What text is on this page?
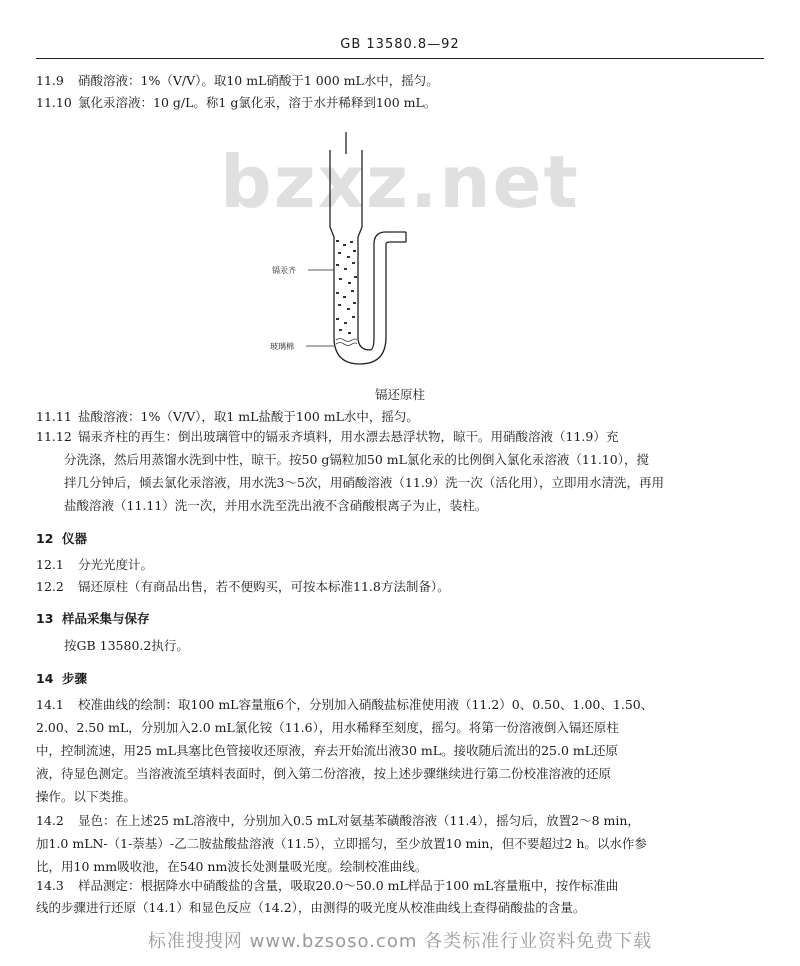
GB 13580.8—92
11.9 硝酸溶液：1%（V/V）。取10 mL硝酸于1 000 mL水中，摇匀。
11.10 氯化汞溶液：10 g/L。称1 g氯化汞，溶于水并稀释到100 mL。
bzxz.net
镉汞齐
玻璃棉
镉还原柱
11.11 盐酸溶液：1%（V/V），取1 mL盐酸于100 mL水中，摇匀。
11.12 镉汞齐柱的再生：倒出玻璃管中的镉汞齐填料，用水漂去悬浮状物，晾干。用硝酸溶液（11.9）充
分洗涤，然后用蒸馏水洗到中性，晾干。按50 g镉粒加50 mL氯化汞的比例倒入氯化汞溶液（11.10），搅
拌几分钟后，倾去氯化汞溶液，用水洗3～5次，用硝酸溶液（11.9）洗一次（活化用），立即用水清洗，再用
盐酸溶液（11.11）洗一次，并用水洗至洗出液不含硝酸根离子为止，装柱。
12 仪器
12.1 分光光度计。
12.2 镉还原柱（有商品出售，若不便购买，可按本标准11.8方法制备）。
13 样品采集与保存
按GB 13580.2执行。
14 步骤
14.1 校准曲线的绘制：取100 mL容量瓶6个，分别加入硝酸盐标准使用液（11.2）0、0.50、1.00、1.50、
2.00、2.50 mL，分别加入2.0 mL氯化铵（11.6），用水稀释至刻度，摇匀。将第一份溶液倒入镉还原柱
中，控制流速，用25 mL具塞比色管接收还原液，弃去开始流出液30 mL。接收随后流出的25.0 mL还原
液，待显色测定。当溶液流至填料表面时，倒入第二份溶液，按上述步骤继续进行第二份校准溶液的还原
操作。以下类推。
14.2 显色：在上述25 mL溶液中，分别加入0.5 mL对氨基苯磺酸溶液（11.4），摇匀后，放置2～8 min，
加1.0 mLN-（1-萘基）-乙二胺盐酸盐溶液（11.5），立即摇匀，至少放置10 min，但不要超过2 h。以水作参
比，用10 mm吸收池，在540 nm波长处测量吸光度。绘制校准曲线。
14.3 样品测定：根据降水中硝酸盐的含量，吸取20.0～50.0 mL样品于100 mL容量瓶中，按作标准曲
线的步骤进行还原（14.1）和显色反应（14.2），由测得的吸光度从校准曲线上查得硝酸盐的含量。
标准搜搜网 www.bzsoso.com 各类标准行业资料免费下载
